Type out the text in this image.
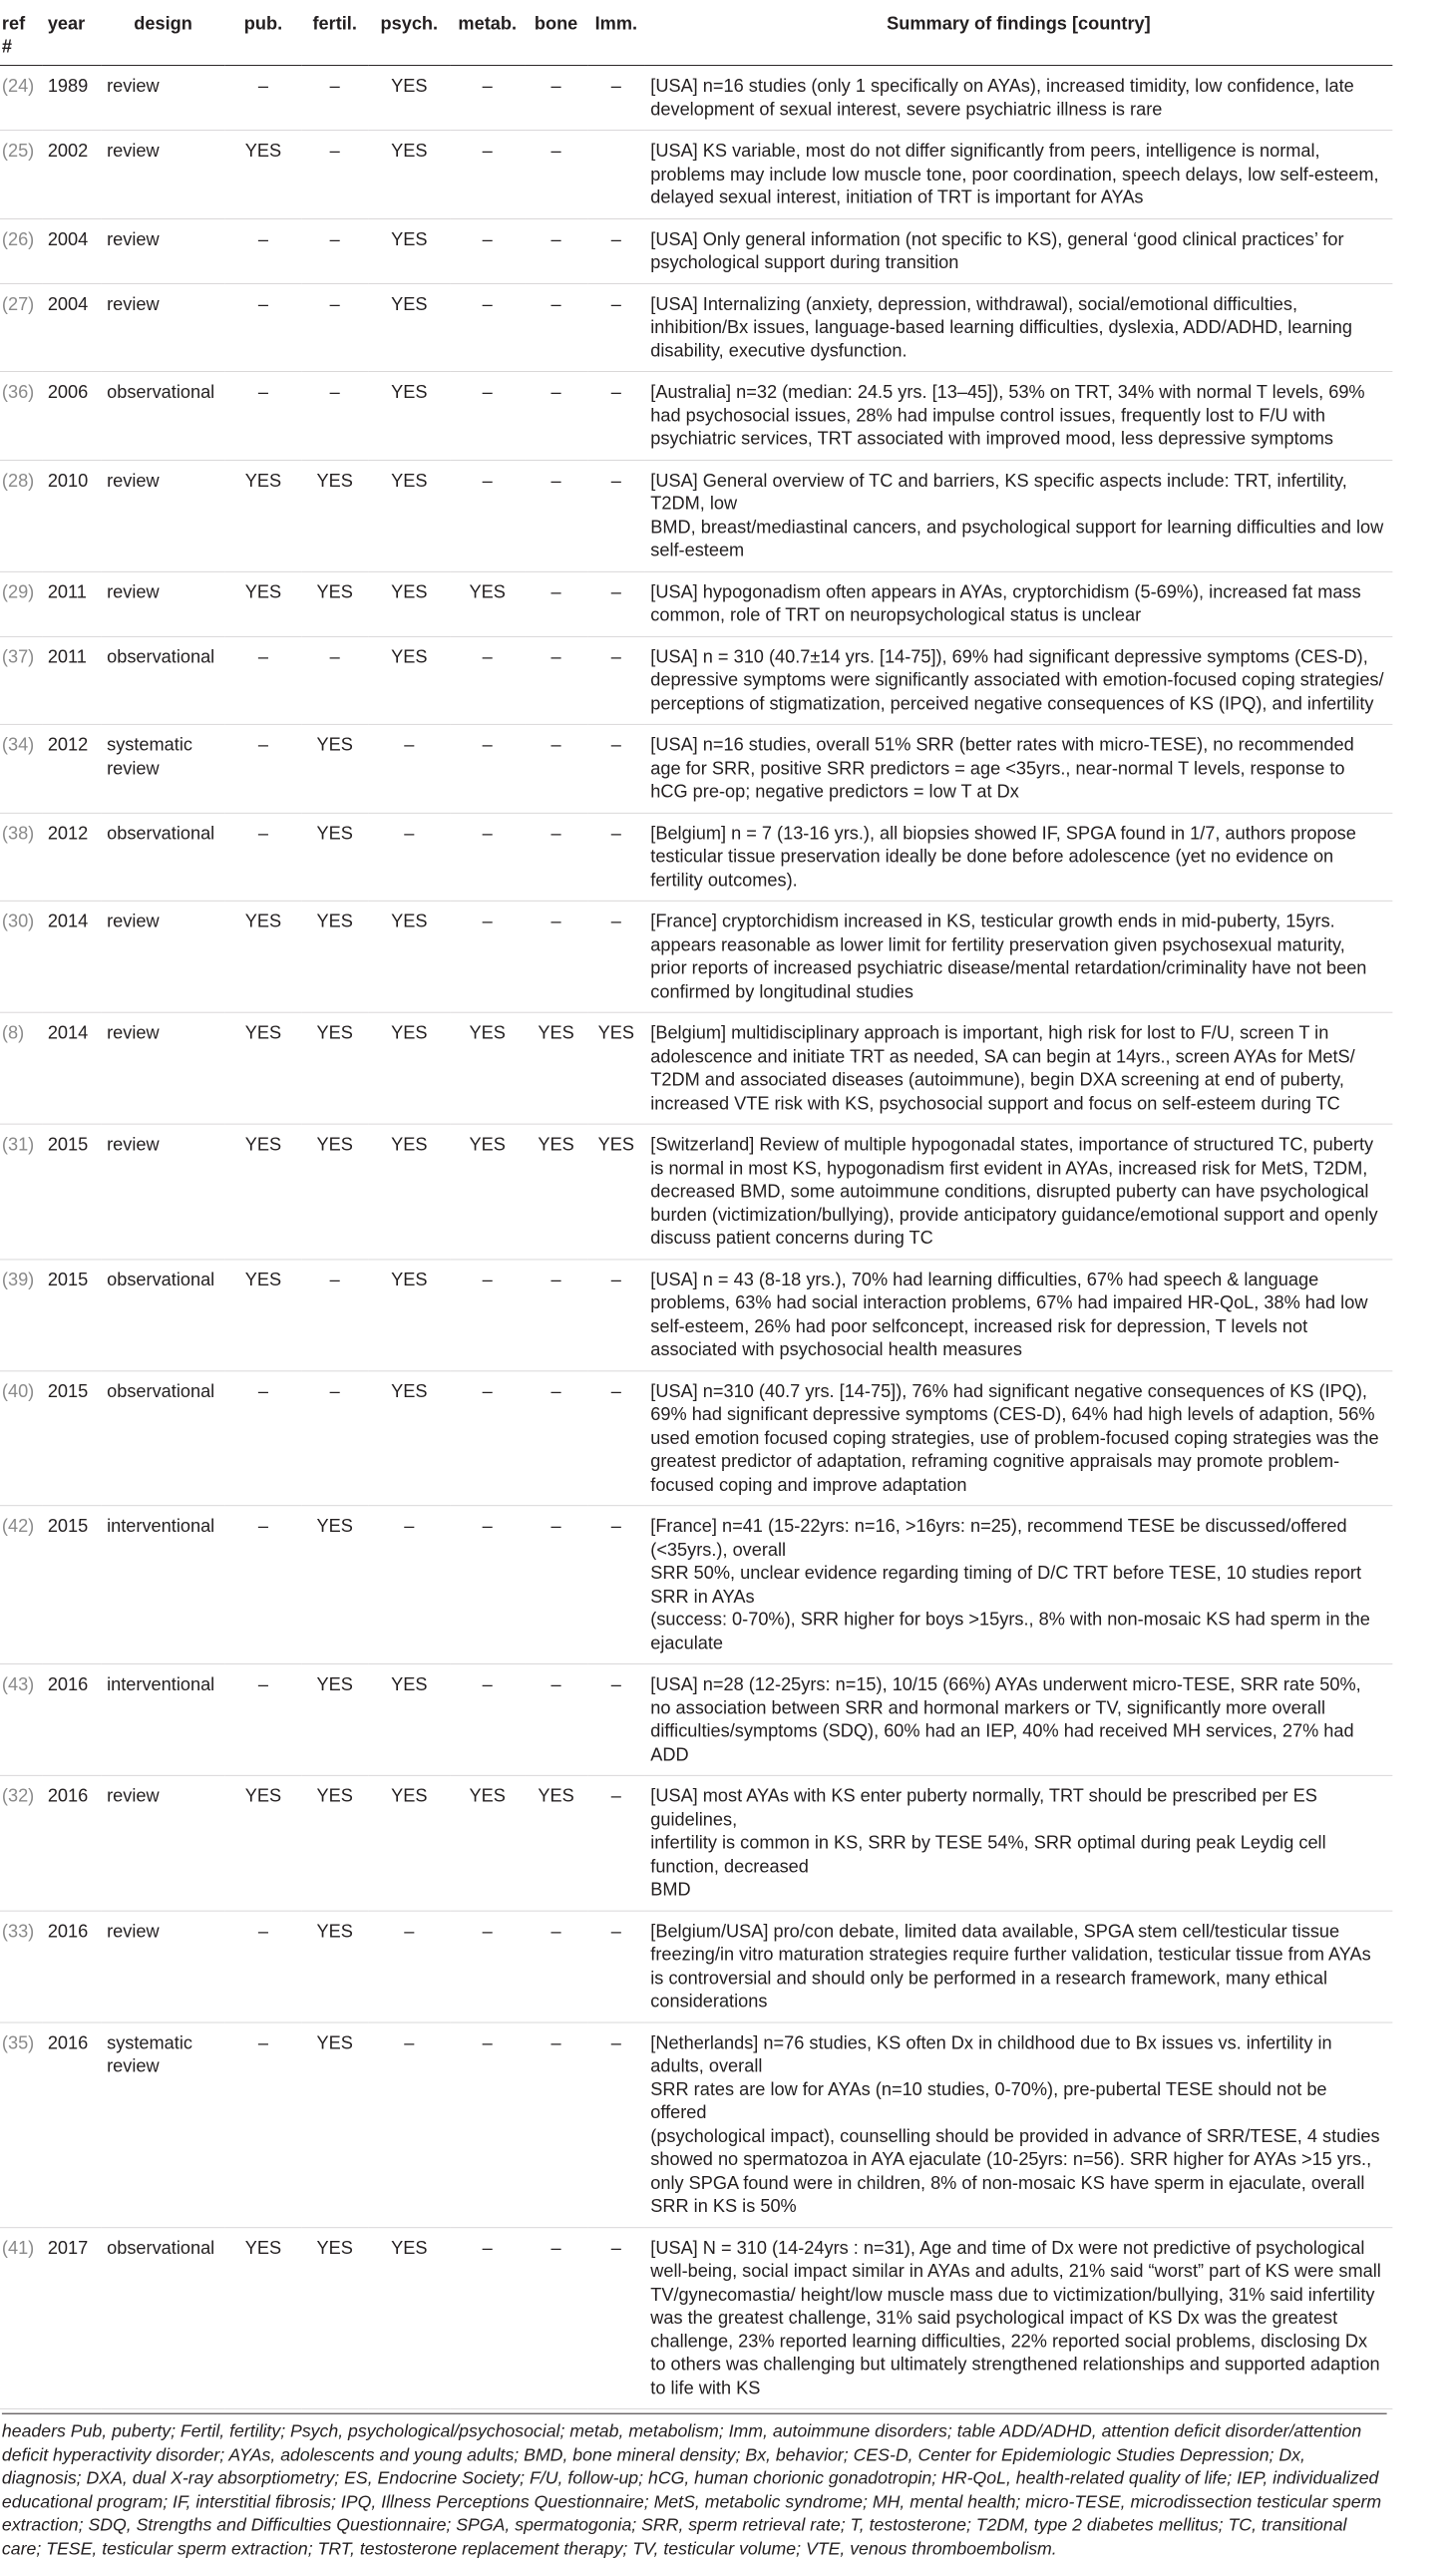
ref #	year	design	pub.	fertil.	psych.	metab.	bone	Imm.	Summary of findings [country]
(24)	1989	review	–	–	YES	–	–	–	[USA] n=16 studies (only 1 specifically on AYAs), increased timidity, low confidence, late development of sexual interest, severe psychiatric illness is rare
(25)	2002	review	YES	–	YES	–	–		[USA] KS variable, most do not differ significantly from peers, intelligence is normal, problems may include low muscle tone, poor coordination, speech delays, low self-esteem, delayed sexual interest, initiation of TRT is important for AYAs
(26)	2004	review	–	–	YES	–	–	–	[USA] Only general information (not specific to KS), general ‘good clinical practices’ for psychological support during transition
(27)	2004	review	–	–	YES	–	–	–	[USA] Internalizing (anxiety, depression, withdrawal), social/emotional difficulties, inhibition/Bx issues, language-based learning difficulties, dyslexia, ADD/ADHD, learning disability, executive dysfunction.
(36)	2006	observational	–	–	YES	–	–	–	[Australia] n=32 (median: 24.5 yrs. [13–45]), 53% on TRT, 34% with normal T levels, 69% had psychosocial issues, 28% had impulse control issues, frequently lost to F/U with psychiatric services, TRT associated with improved mood, less depressive symptoms
(28)	2010	review	YES	YES	YES	–	–	–	[USA] General overview of TC and barriers, KS specific aspects include: TRT, infertility, T2DM, low
BMD, breast/mediastinal cancers, and psychological support for learning difficulties and low self-esteem
(29)	2011	review	YES	YES	YES	YES	–	–	[USA] hypogonadism often appears in AYAs, cryptorchidism (5-69%), increased fat mass common, role of TRT on neuropsychological status is unclear
(37)	2011	observational	–	–	YES	–	–	–	[USA] n = 310 (40.7±14 yrs. [14-75]), 69% had significant depressive symptoms (CES-D), depressive symptoms were significantly associated with emotion-focused coping strategies/ perceptions of stigmatization, perceived negative consequences of KS (IPQ), and infertility
(34)	2012	systematic review	–	YES	–	–	–	–	[USA] n=16 studies, overall 51% SRR (better rates with micro-TESE), no recommended age for SRR, positive SRR predictors = age <35yrs., near-normal T levels, response to hCG pre-op; negative predictors = low T at Dx
(38)	2012	observational	–	YES	–	–	–	–	[Belgium] n = 7 (13-16 yrs.), all biopsies showed IF, SPGA found in 1/7, authors propose testicular tissue preservation ideally be done before adolescence (yet no evidence on fertility outcomes).
(30)	2014	review	YES	YES	YES	–	–	–	[France] cryptorchidism increased in KS, testicular growth ends in mid-puberty, 15yrs. appears reasonable as lower limit for fertility preservation given psychosexual maturity, prior reports of increased psychiatric disease/mental retardation/criminality have not been confirmed by longitudinal studies
(8)	2014	review	YES	YES	YES	YES	YES	YES	[Belgium] multidisciplinary approach is important, high risk for lost to F/U, screen T in adolescence and initiate TRT as needed, SA can begin at 14yrs., screen AYAs for MetS/ T2DM and associated diseases (autoimmune), begin DXA screening at end of puberty, increased VTE risk with KS, psychosocial support and focus on self-esteem during TC
(31)	2015	review	YES	YES	YES	YES	YES	YES	[Switzerland] Review of multiple hypogonadal states, importance of structured TC, puberty is normal in most KS, hypogonadism first evident in AYAs, increased risk for MetS, T2DM, decreased BMD, some autoimmune conditions, disrupted puberty can have psychological burden (victimization/bullying), provide anticipatory guidance/emotional support and openly discuss patient concerns during TC
(39)	2015	observational	YES	–	YES	–	–	–	[USA] n = 43 (8-18 yrs.), 70% had learning difficulties, 67% had speech & language problems, 63% had social interaction problems, 67% had impaired HR-QoL, 38% had low self-esteem, 26% had poor selfconcept, increased risk for depression, T levels not associated with psychosocial health measures
(40)	2015	observational	–	–	YES	–	–	–	[USA] n=310 (40.7 yrs. [14-75]), 76% had significant negative consequences of KS (IPQ), 69% had significant depressive symptoms (CES-D), 64% had high levels of adaption, 56% used emotion focused coping strategies, use of problem-focused coping strategies was the greatest predictor of adaptation, reframing cognitive appraisals may promote problem-focused coping and improve adaptation
(42)	2015	interventional	–	YES	–	–	–	–	[France] n=41 (15-22yrs: n=16, >16yrs: n=25), recommend TESE be discussed/offered (<35yrs.), overall
SRR 50%, unclear evidence regarding timing of D/C TRT before TESE, 10 studies report SRR in AYAs
(success: 0-70%), SRR higher for boys >15yrs., 8% with non-mosaic KS had sperm in the ejaculate
(43)	2016	interventional	–	YES	YES	–	–	–	[USA] n=28 (12-25yrs: n=15), 10/15 (66%) AYAs underwent micro-TESE, SRR rate 50%, no association between SRR and hormonal markers or TV, significantly more overall difficulties/symptoms (SDQ), 60% had an IEP, 40% had received MH services, 27% had ADD
(32)	2016	review	YES	YES	YES	YES	YES	–	[USA] most AYAs with KS enter puberty normally, TRT should be prescribed per ES guidelines,
infertility is common in KS, SRR by TESE 54%, SRR optimal during peak Leydig cell function, decreased
BMD
(33)	2016	review	–	YES	–	–	–	–	[Belgium/USA] pro/con debate, limited data available, SPGA stem cell/testicular tissue freezing/in vitro maturation strategies require further validation, testicular tissue from AYAs is controversial and should only be performed in a research framework, many ethical considerations
(35)	2016	systematic review	–	YES	–	–	–	–	[Netherlands] n=76 studies, KS often Dx in childhood due to Bx issues vs. infertility in adults, overall
SRR rates are low for AYAs (n=10 studies, 0-70%), pre-pubertal TESE should not be offered
(psychological impact), counselling should be provided in advance of SRR/TESE, 4 studies showed no spermatozoa in AYA ejaculate (10-25yrs: n=56). SRR higher for AYAs >15 yrs., only SPGA found were in children, 8% of non-mosaic KS have sperm in ejaculate, overall SRR in KS is 50%
(41)	2017	observational	YES	YES	YES	–	–	–	[USA] N = 310 (14-24yrs : n=31), Age and time of Dx were not predictive of psychological well-being, social impact similar in AYAs and adults, 21% said “worst” part of KS were small TV/gynecomastia/ height/low muscle mass due to victimization/bullying, 31% said infertility was the greatest challenge, 31% said psychological impact of KS Dx was the greatest challenge, 23% reported learning difficulties, 22% reported social problems, disclosing Dx to others was challenging but ultimately strengthened relationships and supported adaption to life with KS
headers Pub, puberty; Fertil, fertility; Psych, psychological/psychosocial; metab, metabolism; Imm, autoimmune disorders; table ADD/ADHD, attention deficit disorder/attention deficit hyperactivity disorder; AYAs, adolescents and young adults; BMD, bone mineral density; Bx, behavior; CES-D, Center for Epidemiologic Studies Depression; Dx, diagnosis; DXA, dual X-ray absorptiometry; ES, Endocrine Society; F/U, follow-up; hCG, human chorionic gonadotropin; HR-QoL, health-related quality of life; IEP, individualized educational program; IF, interstitial fibrosis; IPQ, Illness Perceptions Questionnaire; MetS, metabolic syndrome; MH, mental health; micro-TESE, microdissection testicular sperm extraction; SDQ, Strengths and Difficulties Questionnaire; SPGA, spermatogonia; SRR, sperm retrieval rate; T, testosterone; T2DM, type 2 diabetes mellitus; TC, transitional care; TESE, testicular sperm extraction; TRT, testosterone replacement therapy; TV, testicular volume; VTE, venous thromboembolism.
